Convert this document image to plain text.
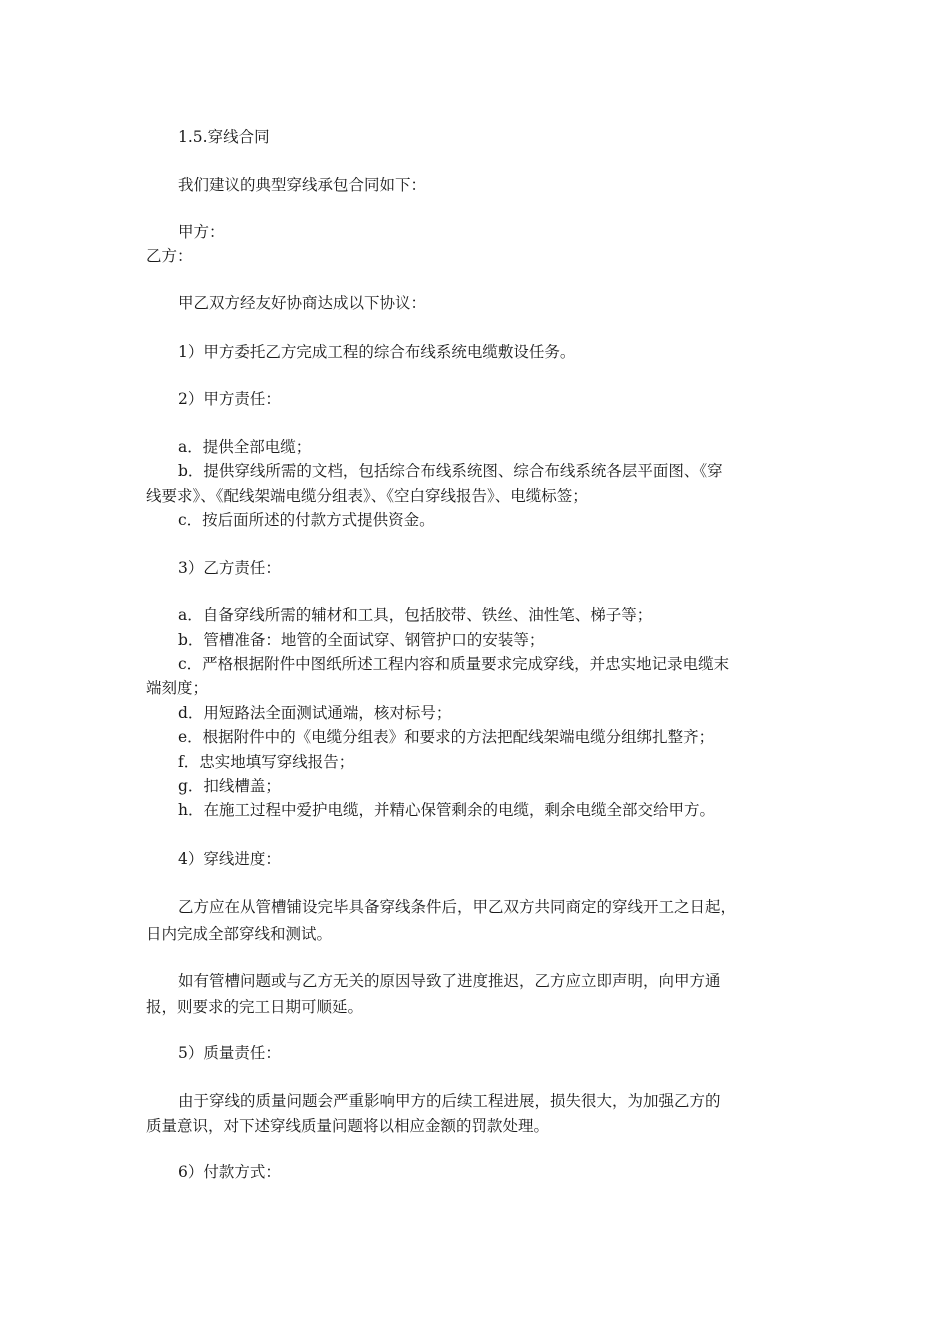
1.5.穿线合同
我们建议的典型穿线承包合同如下：
甲方：
乙方：
甲乙双方经友好协商达成以下协议：
1）甲方委托乙方完成工程的综合布线系统电缆敷设任务。
2）甲方责任：
a．提供全部电缆；
b．提供穿线所需的文档，包括综合布线系统图、综合布线系统各层平面图、《穿
线要求》、《配线架端电缆分组表》、《空白穿线报告》、电缆标签；
c．按后面所述的付款方式提供资金。
3）乙方责任：
a．自备穿线所需的辅材和工具，包括胶带、铁丝、油性笔、梯子等；
b．管槽准备：地管的全面试穿、钢管护口的安装等；
c．严格根据附件中图纸所述工程内容和质量要求完成穿线，并忠实地记录电缆末
端刻度；
d．用短路法全面测试通端，核对标号；
e．根据附件中的《电缆分组表》和要求的方法把配线架端电缆分组绑扎整齐；
f．忠实地填写穿线报告；
g．扣线槽盖；
h．在施工过程中爱护电缆，并精心保管剩余的电缆，剩余电缆全部交给甲方。
4）穿线进度：
乙方应在从管槽铺设完毕具备穿线条件后，甲乙双方共同商定的穿线开工之日起，
日内完成全部穿线和测试。
如有管槽问题或与乙方无关的原因导致了进度推迟，乙方应立即声明，向甲方通
报，则要求的完工日期可顺延。
5）质量责任：
由于穿线的质量问题会严重影响甲方的后续工程进展，损失很大，为加强乙方的
质量意识，对下述穿线质量问题将以相应金额的罚款处理。
6）付款方式：
